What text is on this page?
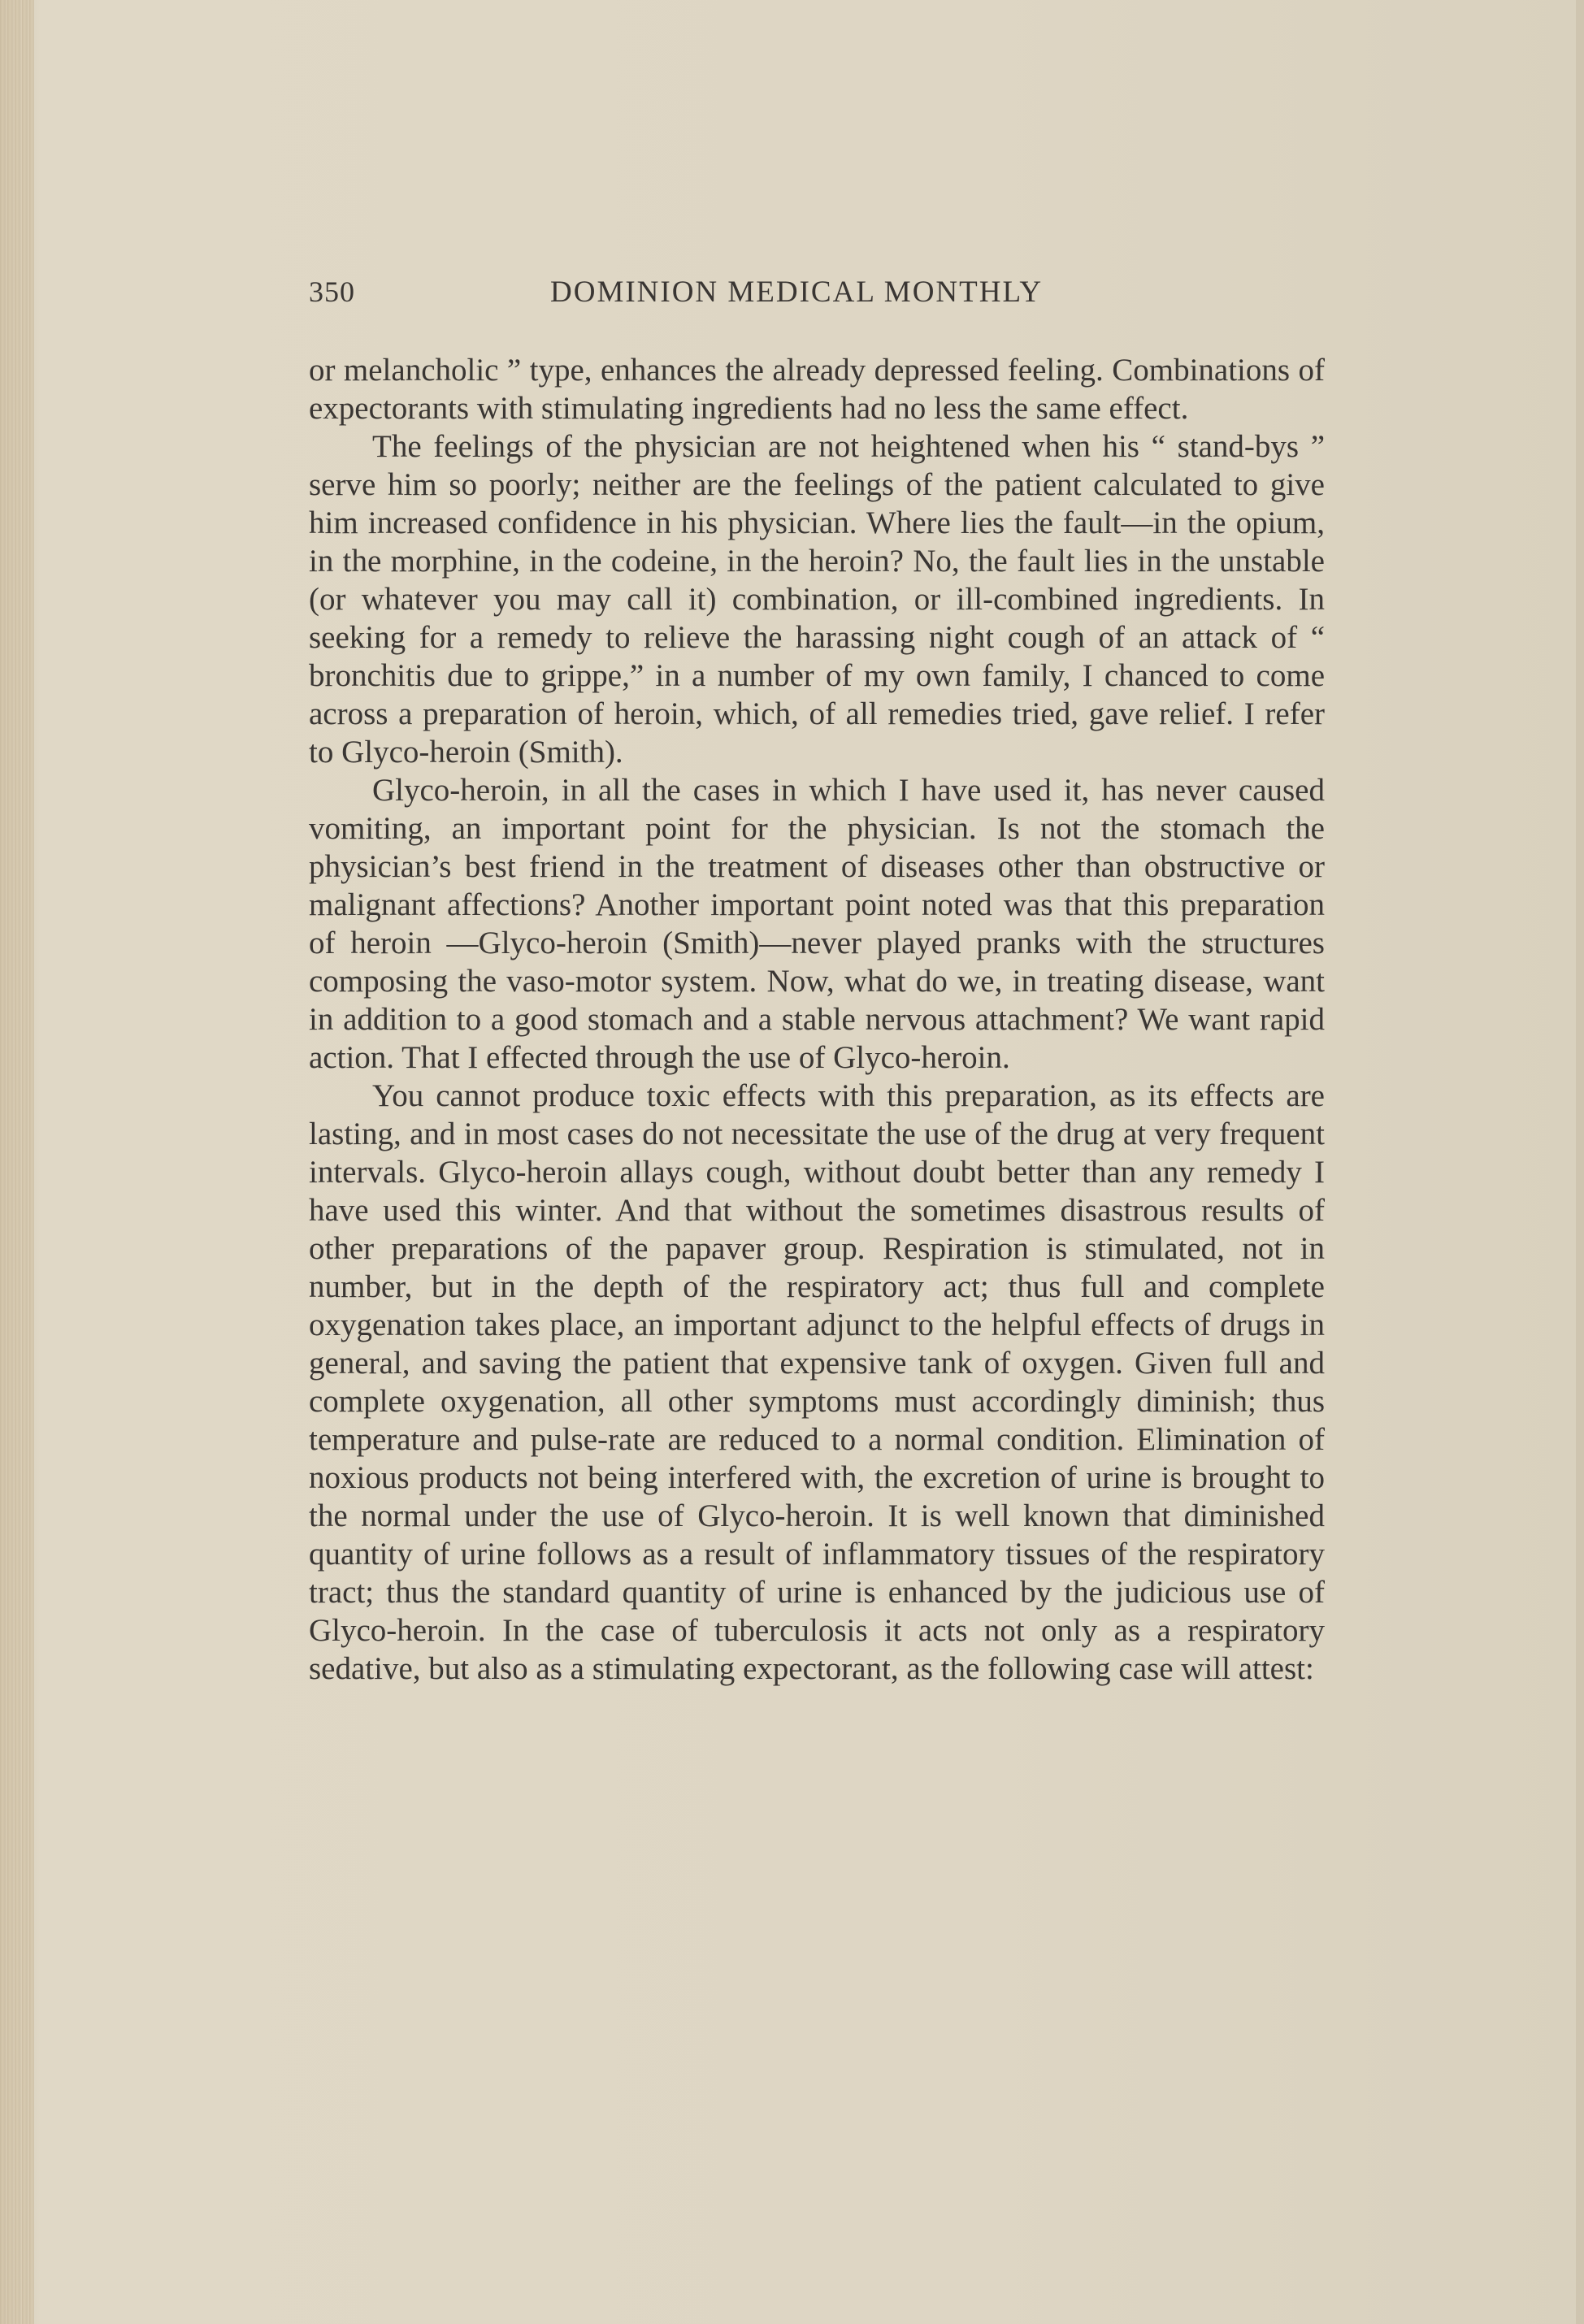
350	DOMINION MEDICAL MONTHLY

or melancholic ” type, enhances the already depressed feeling. Combinations of expectorants with stimulating ingredients had no less the same effect.

The feelings of the physician are not heightened when his “ stand-bys ” serve him so poorly; neither are the feelings of the patient calculated to give him increased confidence in his physician. Where lies the fault—in the opium, in the morphine, in the codeine, in the heroin? No, the fault lies in the unstable (or whatever you may call it) combination, or ill-combined ingredients. In seeking for a remedy to relieve the harassing night cough of an attack of “ bronchitis due to grippe,” in a number of my own family, I chanced to come across a preparation of heroin, which, of all remedies tried, gave relief. I refer to Glyco-heroin (Smith).

Glyco-heroin, in all the cases in which I have used it, has never caused vomiting, an important point for the physician. Is not the stomach the physician’s best friend in the treatment of diseases other than obstructive or malignant affections? Another important point noted was that this preparation of heroin —Glyco-heroin (Smith)—never played pranks with the structures composing the vaso-motor system. Now, what do we, in treating disease, want in addition to a good stomach and a stable nervous attachment? We want rapid action. That I effected through the use of Glyco-heroin.

You cannot produce toxic effects with this preparation, as its effects are lasting, and in most cases do not necessitate the use of the drug at very frequent intervals. Glyco-heroin allays cough, without doubt better than any remedy I have used this winter. And that without the sometimes disastrous results of other preparations of the papaver group. Respiration is stimulated, not in number, but in the depth of the respiratory act; thus full and complete oxygenation takes place, an important adjunct to the helpful effects of drugs in general, and saving the patient that expensive tank of oxygen. Given full and complete oxygenation, all other symptoms must accordingly diminish; thus temperature and pulse-rate are reduced to a normal condition. Elimination of noxious products not being interfered with, the excretion of urine is brought to the normal under the use of Glyco-heroin. It is well known that diminished quantity of urine follows as a result of inflammatory tissues of the respiratory tract; thus the standard quantity of urine is enhanced by the judicious use of Glyco-heroin. In the case of tuberculosis it acts not only as a respiratory sedative, but also as a stimulating expectorant, as the following case will attest:
